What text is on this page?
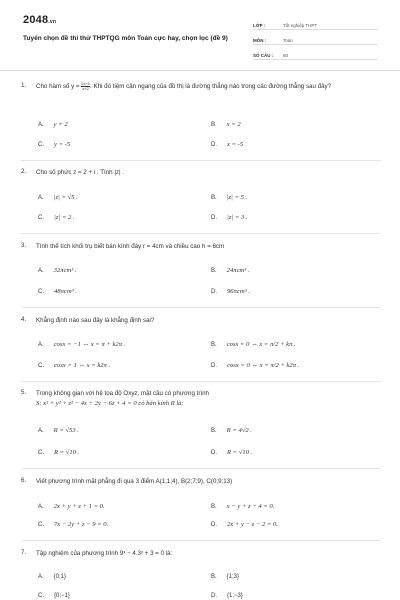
2048.vn
Tuyển chọn đề thi thử THPTQG môn Toán cực hay, chọn lọc (đề 9)
LỚP :	Tốt nghiệp THPT
MÔN :	Toán
SỐ CÂU :	50
1.	Cho hàm số $y = \frac{2x-1}{x+2}$ . Khi đó tiệm cận ngang của đồ thị là đường thẳng nào trong các đường thẳng sau đây?
A. y = 2	B. x = 2
C. y = -5	D. x = -5
2.	Cho số phức z = 2 + i . Tính |z| .
A. |z| = √5 .	B. |z| = 5 .
C. |z| = 2 .	D. |z| = 3 .
3.	Tính thể tích khối trụ biết bán kính đáy r = 4cm và chiều cao h = 6cm
A. 32πcm³ .	B. 24πcm³ .
C. 48πcm³ .	D. 96πcm³ .
4.	Khẳng định nào sau đây là khẳng định sai?
A. cosx = −1 ⇔ x = π + k2π .	B. cosx = 0 ⇔ x = π/2 + kπ .
C. cosx = 1 ⇔ x = k2π .	D. cosx = 0 ⇔ x = π/2 + k2π .
5.	Trong không gian với hệ tọa độ Oxyz, mặt cầu có phương trình
S: x² + y² + z² − 4x + 2y − 6z + 4 = 0 có bán kính R là:
A. R = √53 .	B. R = 4√2 .
C. R = √10 .	D. R = √10 .
6.	Viết phương trình mặt phẳng đi qua 3 điểm A(1;1;4), B(2;7;9), C(0;9;13)
A. 2x + y + z + 1 = 0.	B. x − y + z − 4 = 0.
C. 7x − 2y + z − 9 = 0.	D. 2x + y − z − 2 = 0.
7.	Tập nghiệm của phương trình 9ˣ − 4.3ˣ + 3 = 0 là:
A. {0;1}	B. {1;3}
C. {0;−1}	D. {1;−3}
